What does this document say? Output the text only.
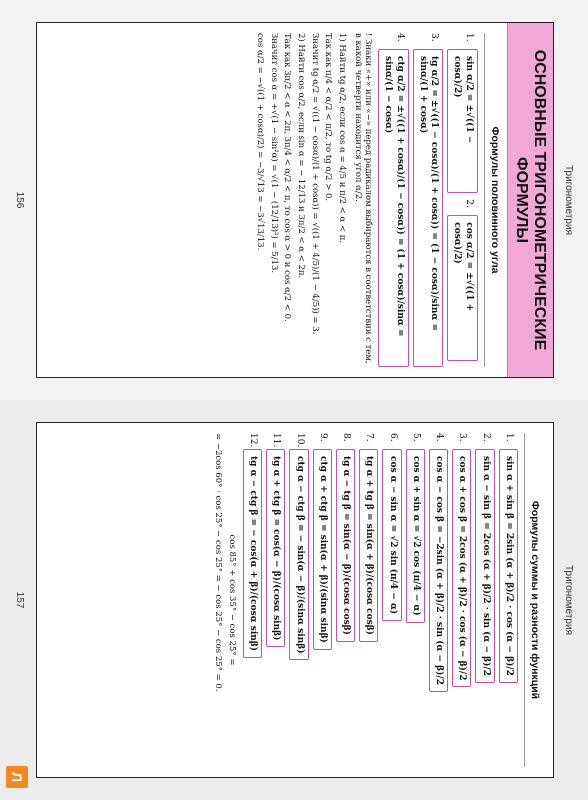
Тригонометрия
ОСНОВНЫЕ ТРИГОНОМЕТРИЧЕСКИЕ ФОРМУЛЫ
Формулы половинного угла
1.
sin α/2 = ±√((1 − cosα)/2)
2.
cos α/2 = ±√((1 + cosα)/2)
3.
tg α/2 = ±√((1 − cosα)/(1 + cosα)) = (1 − cosα)/sinα = sinα/(1 + cosα)
4.
ctg α/2 = ±√((1 + cosα)/(1 − cosα)) = (1 + cosα)/sinα = sinα/(1 − cosα)
! Знаки «+» или «−» перед радикалом выбираются в соответствии с тем, в какой четверти находится угол α/2.
1) Найти tg α/2, если cos α = 4/5 и π/2 < α < π.
Так как π/4 < α/2 < π/2, то tg α/2 > 0.
Значит tg α/2 = √((1 − cosα)/(1 + cosα)) = √((1 + 4/5)/(1 − 4/5)) = 3.
2) Найти cos α/2, если sin α = − 12/13 и 3π/2 < α < 2π.
Так как 3π/2 < α < 2π, 3π/4 < α/2 < π, то cos α > 0 и cos α/2 < 0.
Значит cos α = +√(1 − sin²α) = √(1 − (12/13)²) = 5/13.
cos α/2 = −√((1 + cosα)/2) = −3/√13 = −3√13/13.
156
Тригонометрия
Формулы суммы и разности функций
1.
sin α + sin β = 2sin (α + β)/2 · cos (α − β)/2
2.
sin α − sin β = 2cos (α + β)/2 · sin (α − β)/2
3.
cos α + cos β = 2cos (α + β)/2 · cos (α − β)/2
4.
cos α − cos β = −2sin (α + β)/2 · sin (α − β)/2
5.
cos α + sin α = √2 cos (π/4 − α)
6.
cos α − sin α = √2 sin (π/4 − α)
7.
tg α + tg β = sin(α + β)/(cosα cosβ)
8.
tg α − tg β = sin(α − β)/(cosα cosβ)
9.
ctg α + ctg β = sin(α + β)/(sinα sinβ)
10.
ctg α − ctg β = − sin(α − β)/(sinα sinβ)
11.
tg α + ctg β = cos(α − β)/(cosα sinβ)
12.
tg α − ctg β = − cos(α + β)/(cosα sinβ)
cos 85° + cos 35° − cos 25° =
= −2cos 60° · cos 25° − cos 25° = − cos 25° − cos 25° = 0.
157
Л
